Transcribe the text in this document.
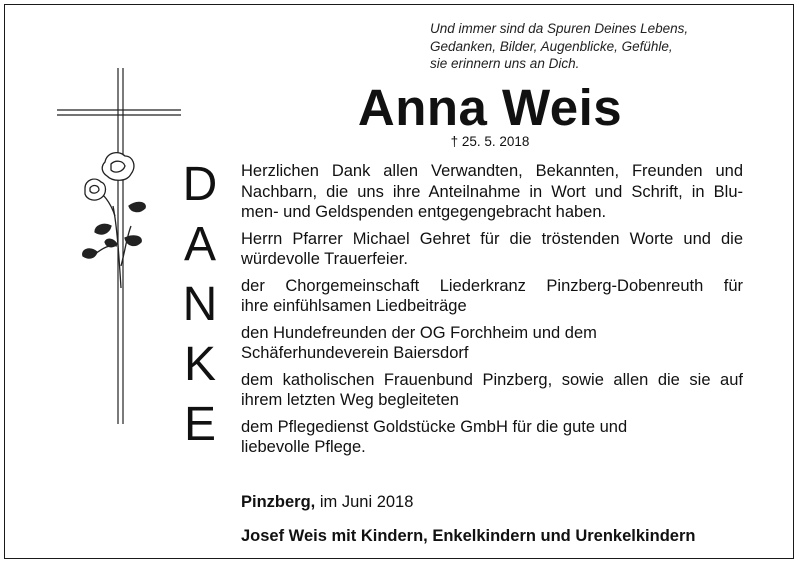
Und immer sind da Spuren Deines Lebens,
Gedanken, Bilder, Augenblicke, Gefühle,
sie erinnern uns an Dich.
Anna Weis
† 25. 5. 2018
D
A
N
K
E
Herzlichen Dank allen Verwandten, Bekannten, Freunden und
Nachbarn, die uns ihre Anteilnahme in Wort und Schrift, in Blu-
men- und Geldspenden entgegengebracht haben.
Herrn Pfarrer Michael Gehret für die tröstenden Worte und die
würdevolle Trauerfeier.
der Chorgemeinschaft Liederkranz Pinzberg-Dobenreuth für
ihre einfühlsamen Liedbeiträge
den Hundefreunden der OG Forchheim und dem
Schäferhundeverein Baiersdorf
dem katholischen Frauenbund Pinzberg, sowie allen die sie auf
ihrem letzten Weg begleiteten
dem Pflegedienst Goldstücke GmbH für die gute und
liebevolle Pflege.
Pinzberg, im Juni 2018
Josef Weis mit Kindern, Enkelkindern und Urenkelkindern
